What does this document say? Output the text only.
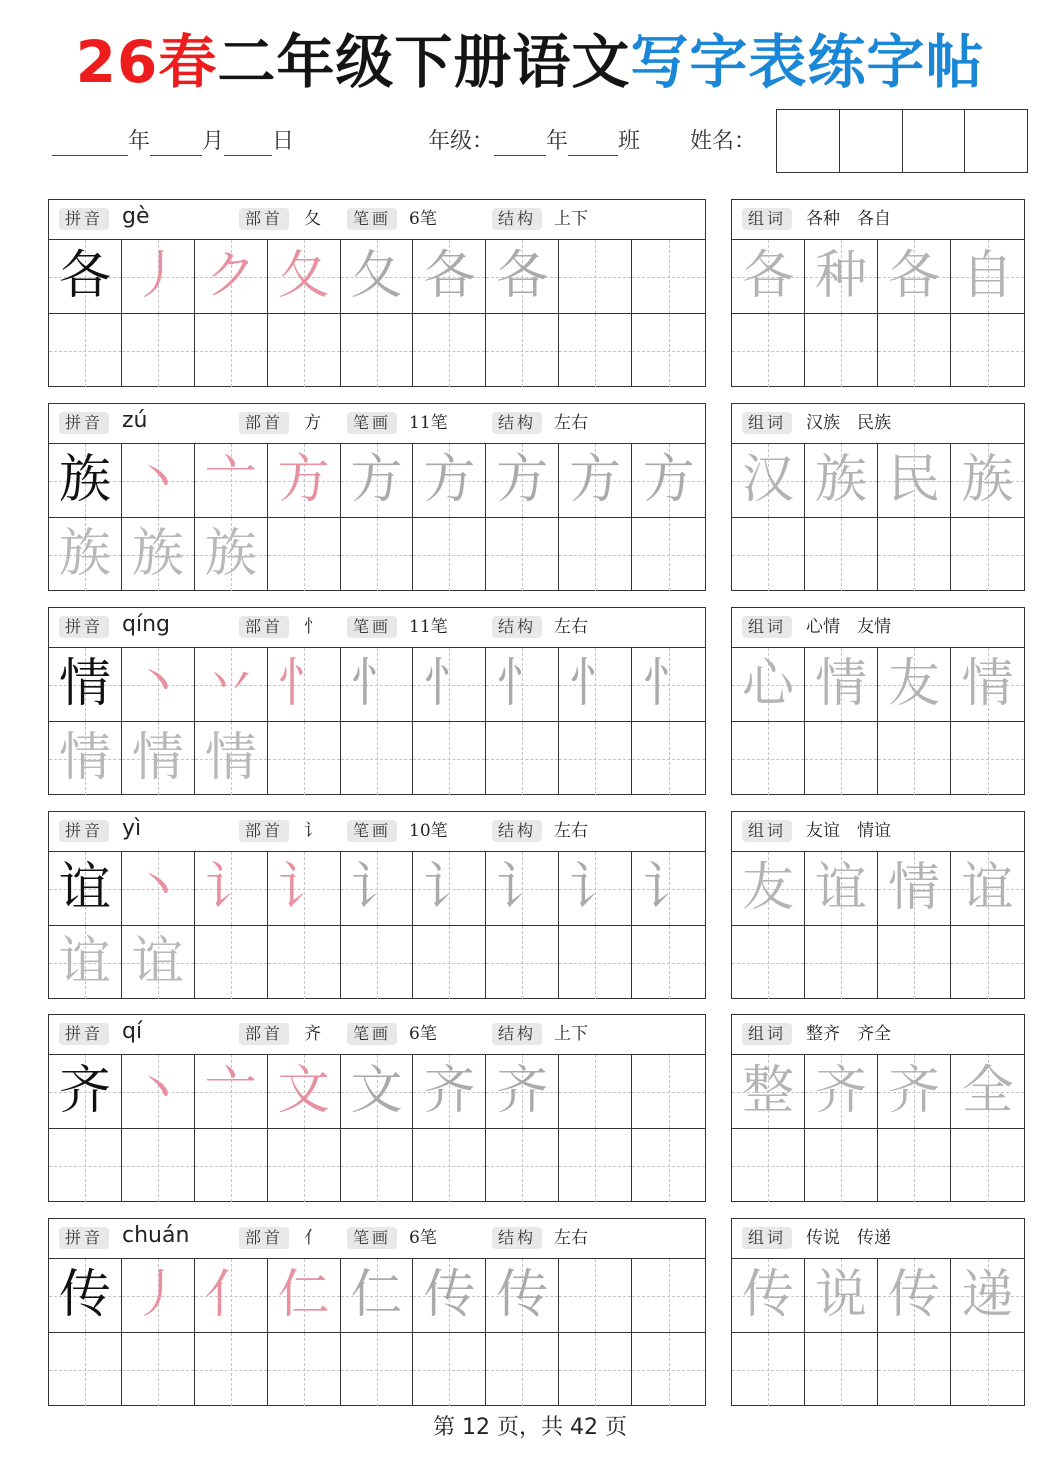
26春二年级下册语文写字表练字帖
年 月 日	年级： 年 班 姓名：
拼音 gè	部首	夂	笔画	6笔	结构	上下
各 丿 ク 夂 夂 各 各
组词	各种　各自
各 种 各 自
拼音 zú	部首	方	笔画	11笔	结构	左右
族 丶 亠 方 方 方 方 方 方
族 族 族
组词	汉族　民族
汉 族 民 族
拼音 qíng	部首	忄	笔画	11笔	结构	左右
情 丶 丷 忄 忄 忄 忄 忄 忄
情 情 情
组词	心情　友情
心 情 友 情
拼音 yì	部首	讠	笔画	10笔	结构	左右
谊 丶 讠 讠 讠 讠 讠 讠 讠
谊 谊
组词	友谊　情谊
友 谊 情 谊
拼音 qí	部首	齐	笔画	6笔	结构	上下
齐 丶 亠 文 文 齐 齐
组词	整齐　齐全
整 齐 齐 全
拼音 chuán	部首	亻	笔画	6笔	结构	左右
传 丿 亻 仁 仁 传 传
组词	传说　传递
传 说 传 递
第 12 页，共 42 页
